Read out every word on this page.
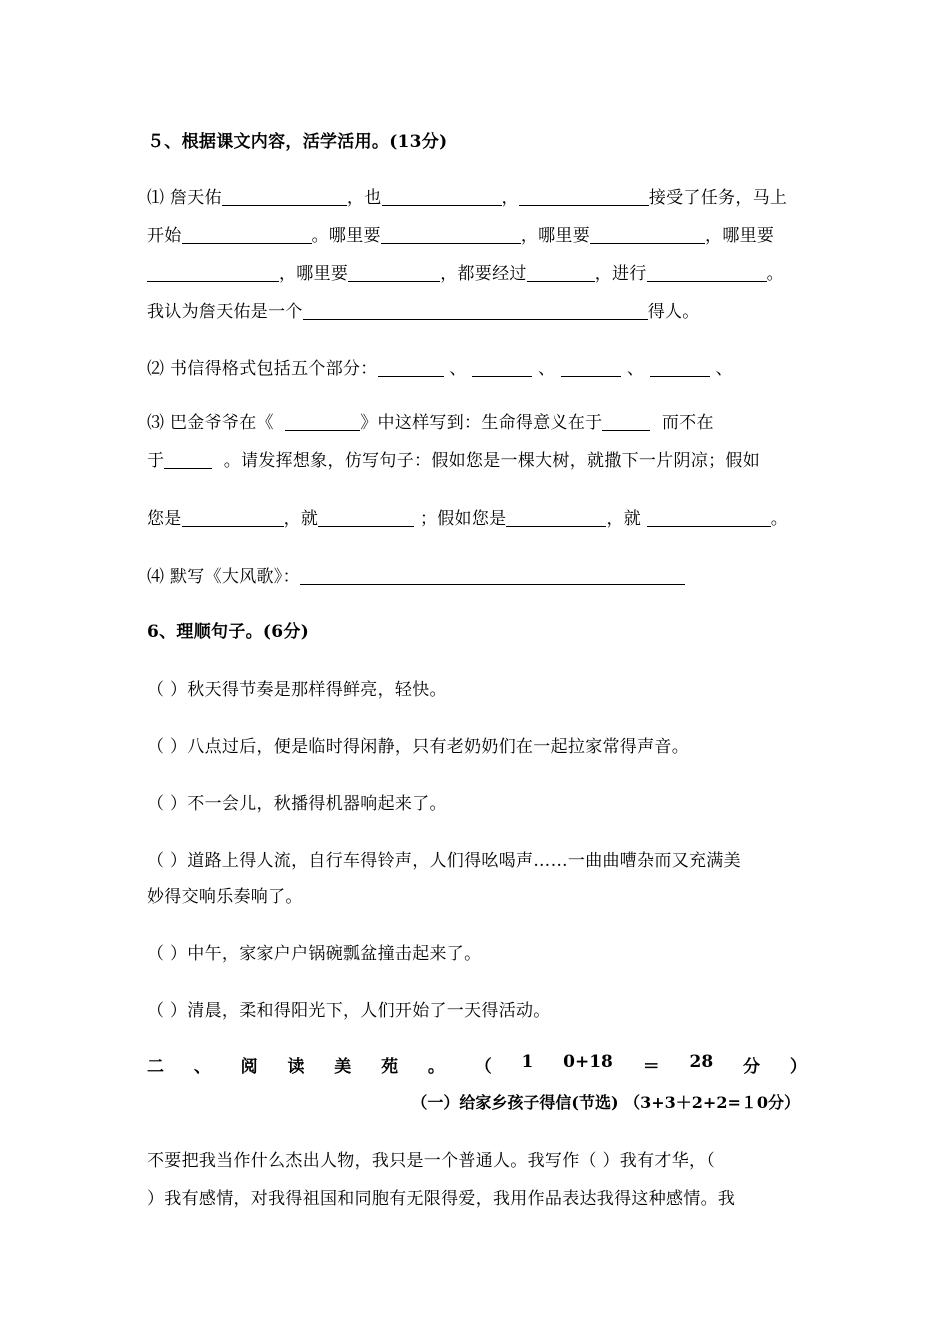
５、根据课文内容，活学活用。(13分)
⑴ 詹天佑	，也	，	接受了任务，马上
开始	。哪里要	，哪里要	，哪里要
，哪里要	，都要经过	，进行	。
我认为詹天佑是一个	得人。
⑵ 书信得格式包括五个部分：	、	、	、	、
⑶ 巴金爷爷在《	》中这样写到：生命得意义在于	而不在
于	。请发挥想象，仿写句子：假如您是一棵大树，就撒下一片阴凉；假如
您是	，就	；假如您是	，就	。
⑷ 默写《大风歌》：
6、理顺句子。(6分)
（ ）秋天得节奏是那样得鲜亮，轻快。
（ ）八点过后，便是临时得闲静，只有老奶奶们在一起拉家常得声音。
（ ）不一会儿，秋播得机器响起来了。
（ ）道路上得人流，自行车得铃声，人们得吆喝声……一曲曲嘈杂而又充满美
妙得交响乐奏响了。
（ ）中午，家家户户锅碗瓢盆撞击起来了。
（ ）清晨，柔和得阳光下，人们开始了一天得活动。
二 、 阅 读 美 苑 。 （ 1 0+18 ＝ 28 分 ）
（一）给家乡孩子得信(节选) （3+3＋2+2=１0分）
不要把我当作什么杰出人物，我只是一个普通人。我写作（ ）我有才华，（
）我有感情，对我得祖国和同胞有无限得爱，我用作品表达我得这种感情。我
